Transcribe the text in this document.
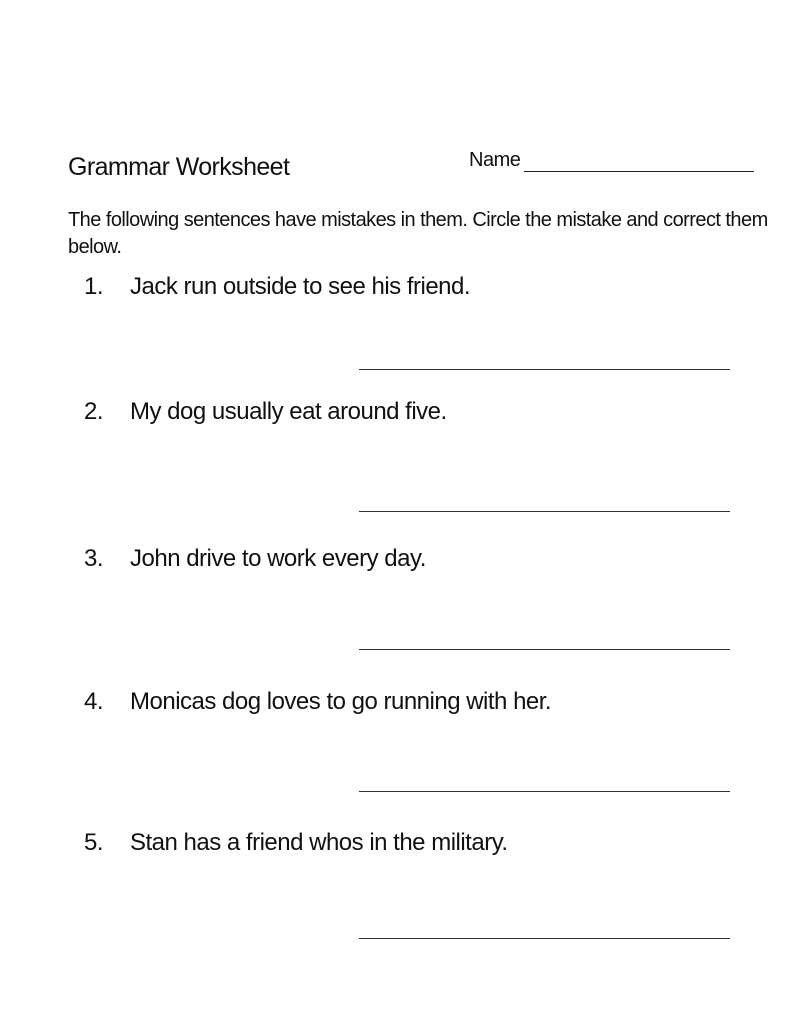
Grammar Worksheet	Name
The following sentences have mistakes in them. Circle the mistake and correct them below.
1.	Jack run outside to see his friend.
2.	My dog usually eat around five.
3.	John drive to work every day.
4.	Monicas dog loves to go running with her.
5.	Stan has a friend whos in the military.
